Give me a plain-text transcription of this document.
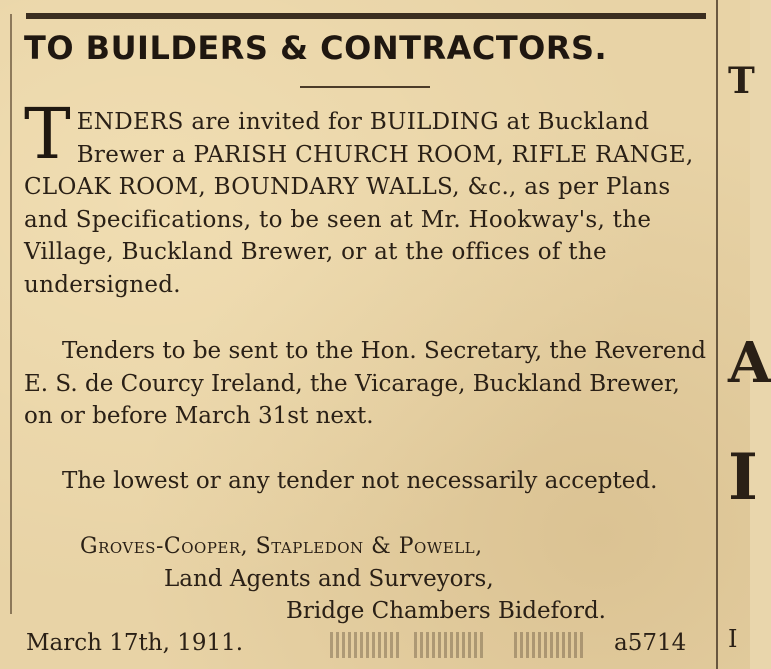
T
A
I
I
TO BUILDERS & CONTRACTORS.
TENDERS are invited for BUILDING at Buckland Brewer a PARISH CHURCH ROOM, RIFLE RANGE, CLOAK ROOM, BOUNDARY WALLS, &c., as per Plans and Specifications, to be seen at Mr. Hookway's, the Village, Buckland Brewer, or at the offices of the undersigned.
Tenders to be sent to the Hon. Secretary, the Reverend E. S. de Courcy Ireland, the Vicarage, Buckland Brewer, on or before March 31st next.
The lowest or any tender not necessarily accepted.
Groves-Cooper, Stapledon & Powell,
Land Agents and Surveyors,
Bridge Chambers Bideford.
March 17th, 1911.	a5714
